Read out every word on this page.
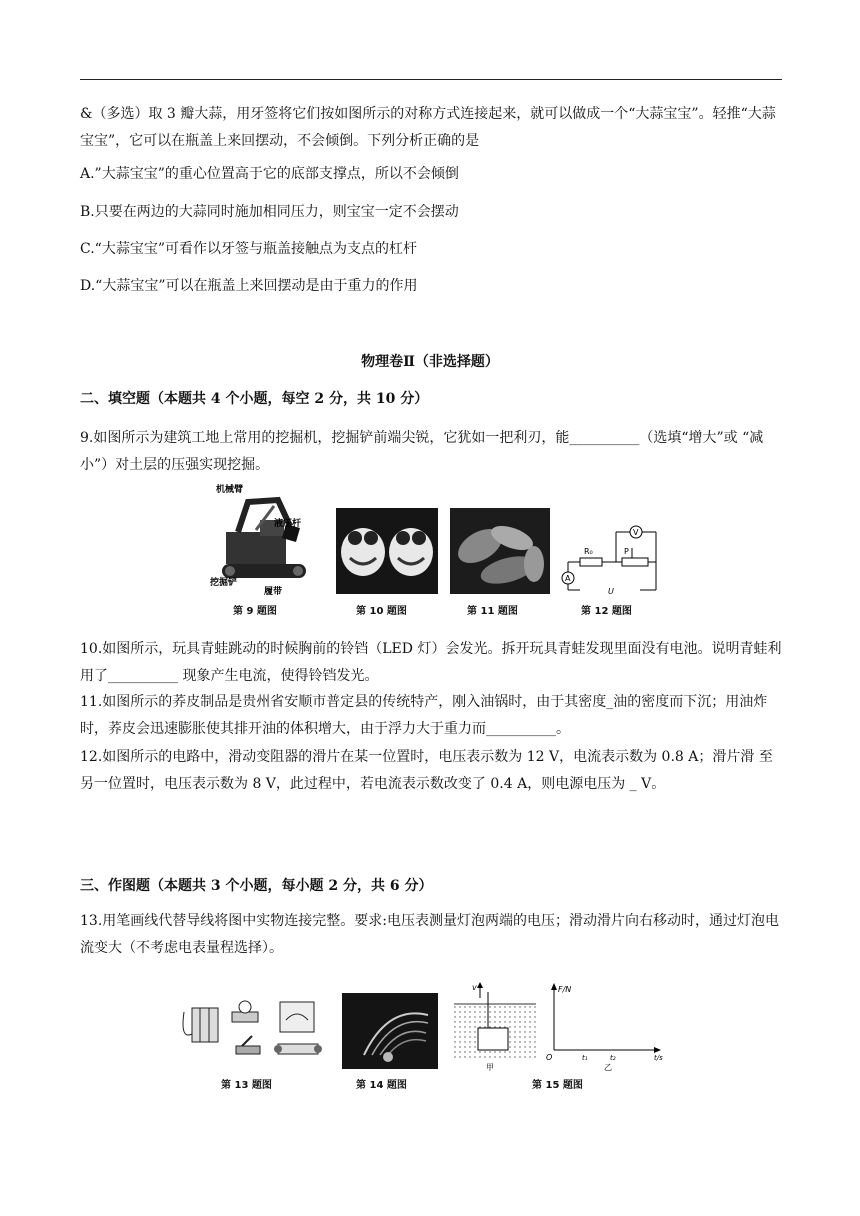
&（多选）取 3 瓣大蒜，用牙签将它们按如图所示的对称方式连接起来，就可以做成一个“大蒜宝宝”。轻推“大蒜宝宝”，它可以在瓶盖上来回摆动，不会倾倒。下列分析正确的是
A.”大蒜宝宝”的重心位置高于它的底部支撑点，所以不会倾倒
B.只要在两边的大蒜同时施加相同压力，则宝宝一定不会摆动
C.“大蒜宝宝”可看作以牙签与瓶盖接触点为支点的杠杆
D.“大蒜宝宝”可以在瓶盖上来回摆动是由于重力的作用
物理卷Ⅱ（非选择题）
二、填空题（本题共 4 个小题，每空 2 分，共 10 分）
9.如图所示为建筑工地上常用的挖掘机，挖掘铲前端尖锐，它犹如一把利刃，能__________（选填“增大”或 “减小”）对土层的压强实现挖掘。
机械臂
液压杆
挖掘铲
履带
第 9 题图	第 10 题图	第 11 题图
R₀	P
V
A
U
第 12 题图
10.如图所示，玩具青蛙跳动的时候胸前的铃铛（LED 灯）会发光。拆开玩具青蛙发现里面没有电池。说明青蛙利用了__________ 现象产生电流，使得铃铛发光。
11.如图所示的荞皮制品是贵州省安顺市普定县的传统特产，刚入油锅时，由于其密度_油的密度而下沉；用油炸时，荞皮会迅速膨胀使其排开油的体积增大，由于浮力大于重力而__________。
12.如图所示的电路中，滑动变阻器的滑片在某一位置时，电压表示数为 12 V，电流表示数为 0.8 A；滑片滑 至另一位置时，电压表示数为 8 V，此过程中，若电流表示数改变了 0.4 A，则电源电压为 _ V。
三、作图题（本题共 3 个小题，每小题 2 分，共 6 分）
13.用笔画线代替导线将图中实物连接完整。要求:电压表测量灯泡两端的电压；滑动滑片向右移动时，通过灯泡电流变大（不考虑电表量程选择）。
第 13 题图	第 14 题图
v
甲
F/N
O	t₁	t₂	t/s
乙
第 15 题图
